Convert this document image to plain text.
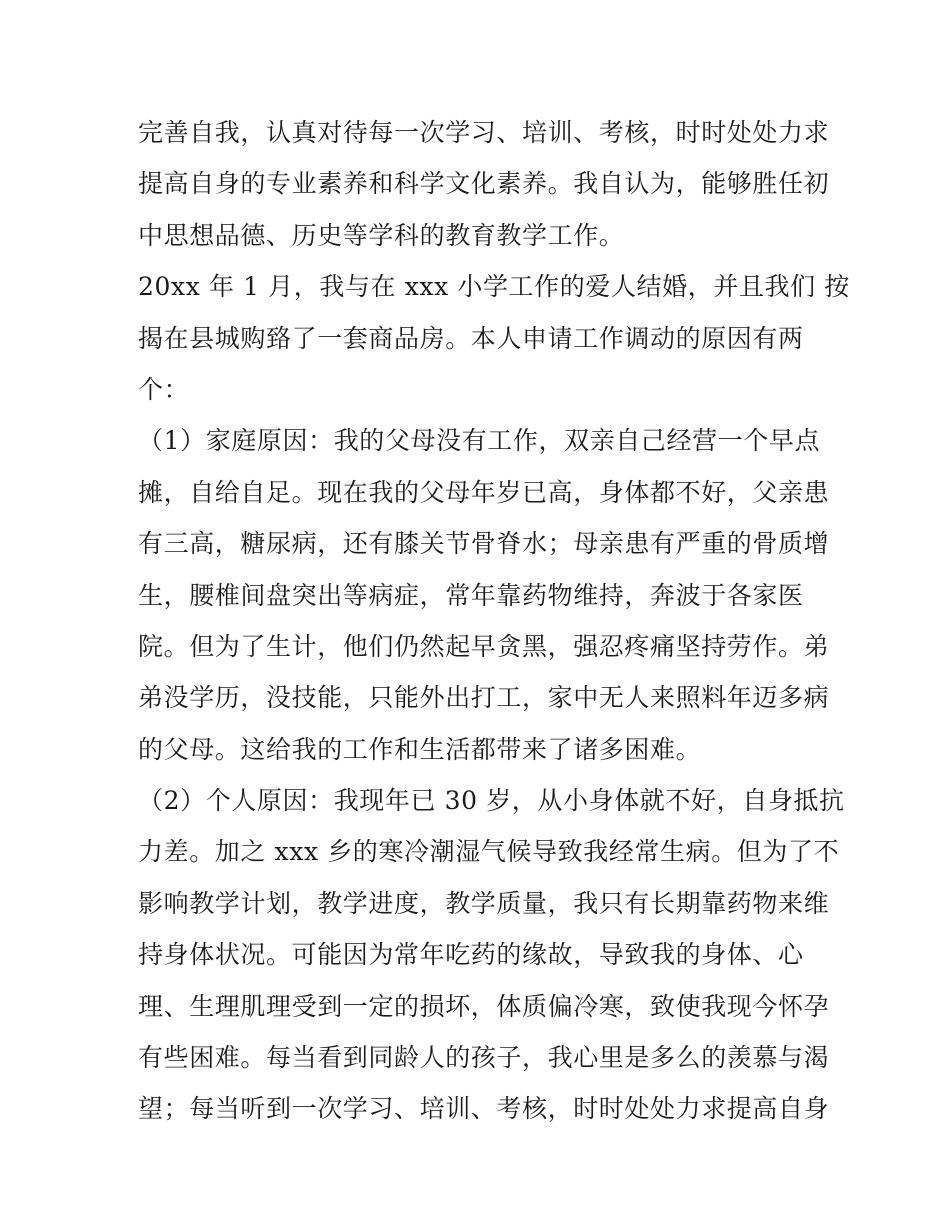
完善自我，认真对待每一次学习、培训、考核，时时处处力求
提高自身的专业素养和科学文化素养。我自认为，能够胜任初
中思想品德、历史等学科的教育教学工作。
20xx 年 1 月，我与在 xxx 小学工作的爱人结婚，并且我们 按
揭在县城购臵了一套商品房。本人申请工作调动的原因有两
个：
（1）家庭原因：我的父母没有工作，双亲自己经营一个早点
摊，自给自足。现在我的父母年岁已高，身体都不好，父亲患
有三高，糖尿病，还有膝关节骨脊水；母亲患有严重的骨质增
生，腰椎间盘突出等病症，常年靠药物维持，奔波于各家医
院。但为了生计，他们仍然起早贪黑，强忍疼痛坚持劳作。弟
弟没学历，没技能，只能外出打工，家中无人来照料年迈多病
的父母。这给我的工作和生活都带来了诸多困难。
（2）个人原因：我现年已 30 岁，从小身体就不好，自身抵抗
力差。加之 xxx 乡的寒冷潮湿气候导致我经常生病。但为了不
影响教学计划，教学进度，教学质量，我只有长期靠药物来维
持身体状况。可能因为常年吃药的缘故，导致我的身体、心
理、生理肌理受到一定的损坏，体质偏冷寒，致使我现今怀孕
有些困难。每当看到同龄人的孩子，我心里是多么的羡慕与渴
望；每当听到一次学习、培训、考核，时时处处力求提高自身
